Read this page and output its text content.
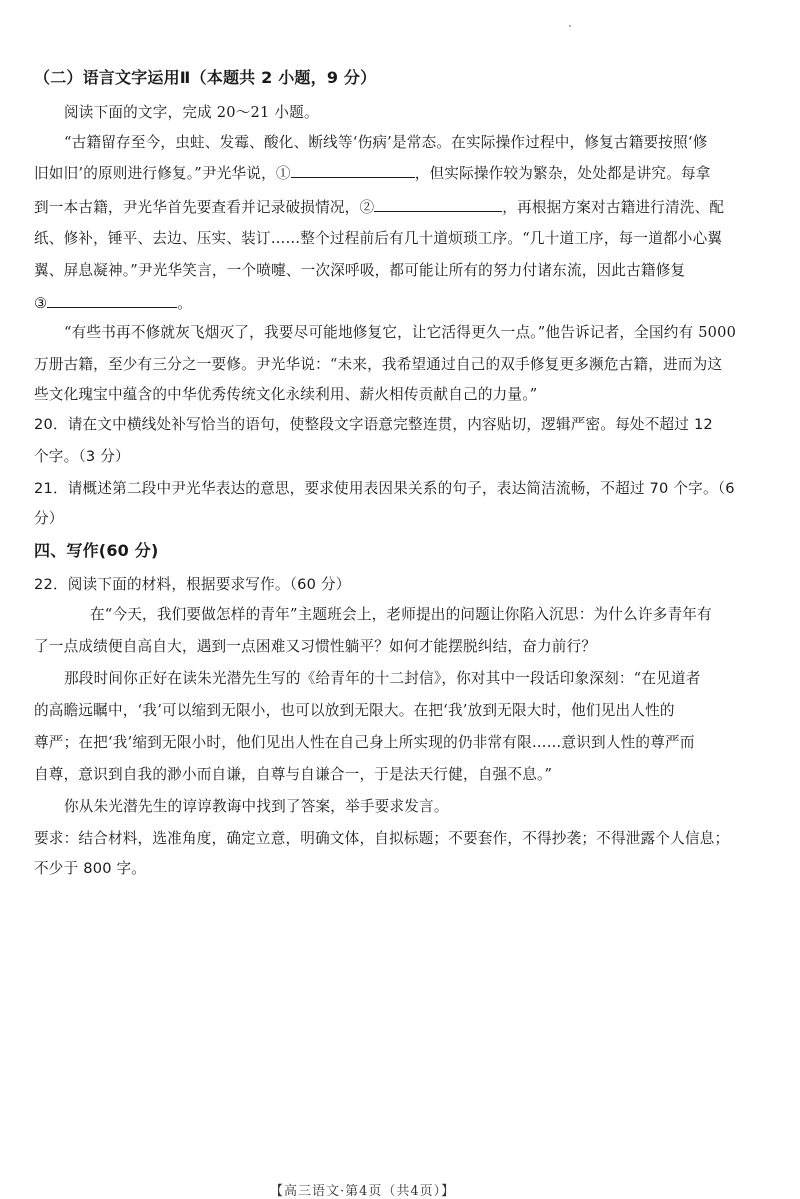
（二）语言文字运用Ⅱ（本题共 2 小题，9 分）
阅读下面的文字，完成 20～21 小题。
“古籍留存至今，虫蛀、发霉、酸化、断线等‘伤病’是常态。在实际操作过程中，修复古籍要按照‘修
旧如旧’的原则进行修复。”尹光华说，①	，但实际操作较为繁杂，处处都是讲究。每拿
到一本古籍，尹光华首先要查看并记录破损情况，②	，再根据方案对古籍进行清洗、配
纸、修补，锤平、去边、压实、装订……整个过程前后有几十道烦琐工序。“几十道工序，每一道都小心翼
翼、屏息凝神。”尹光华笑言，一个喷嚏、一次深呼吸，都可能让所有的努力付诸东流，因此古籍修复
③	。
“有些书再不修就灰飞烟灭了，我要尽可能地修复它，让它活得更久一点。”他告诉记者，全国约有 5000
万册古籍，至少有三分之一要修。尹光华说：“未来，我希望通过自己的双手修复更多濒危古籍，进而为这
些文化瑰宝中蕴含的中华优秀传统文化永续利用、薪火相传贡献自己的力量。”
20．请在文中横线处补写恰当的语句，使整段文字语意完整连贯，内容贴切，逻辑严密。每处不超过 12
个字。（3 分）
21．请概述第二段中尹光华表达的意思，要求使用表因果关系的句子，表达简洁流畅，不超过 70 个字。（6
分）
四、写作(60 分)
22．阅读下面的材料，根据要求写作。（60 分）
在“今天，我们要做怎样的青年”主题班会上，老师提出的问题让你陷入沉思：为什么许多青年有
了一点成绩便自高自大，遇到一点困难又习惯性躺平？如何才能摆脱纠结，奋力前行？
那段时间你正好在读朱光潜先生写的《给青年的十二封信》，你对其中一段话印象深刻：“在见道者
的高瞻远瞩中，‘我’可以缩到无限小，也可以放到无限大。在把‘我’放到无限大时，他们见出人性的
尊严；在把‘我’缩到无限小时，他们见出人性在自己身上所实现的仍非常有限……意识到人性的尊严而
自尊，意识到自我的渺小而自谦，自尊与自谦合一，于是法天行健，自强不息。”
你从朱光潜先生的谆谆教诲中找到了答案，举手要求发言。
要求：结合材料，选准角度，确定立意，明确文体，自拟标题；不要套作，不得抄袭；不得泄露个人信息；
不少于 800 字。
【高三语文·第4页（共4页）】
